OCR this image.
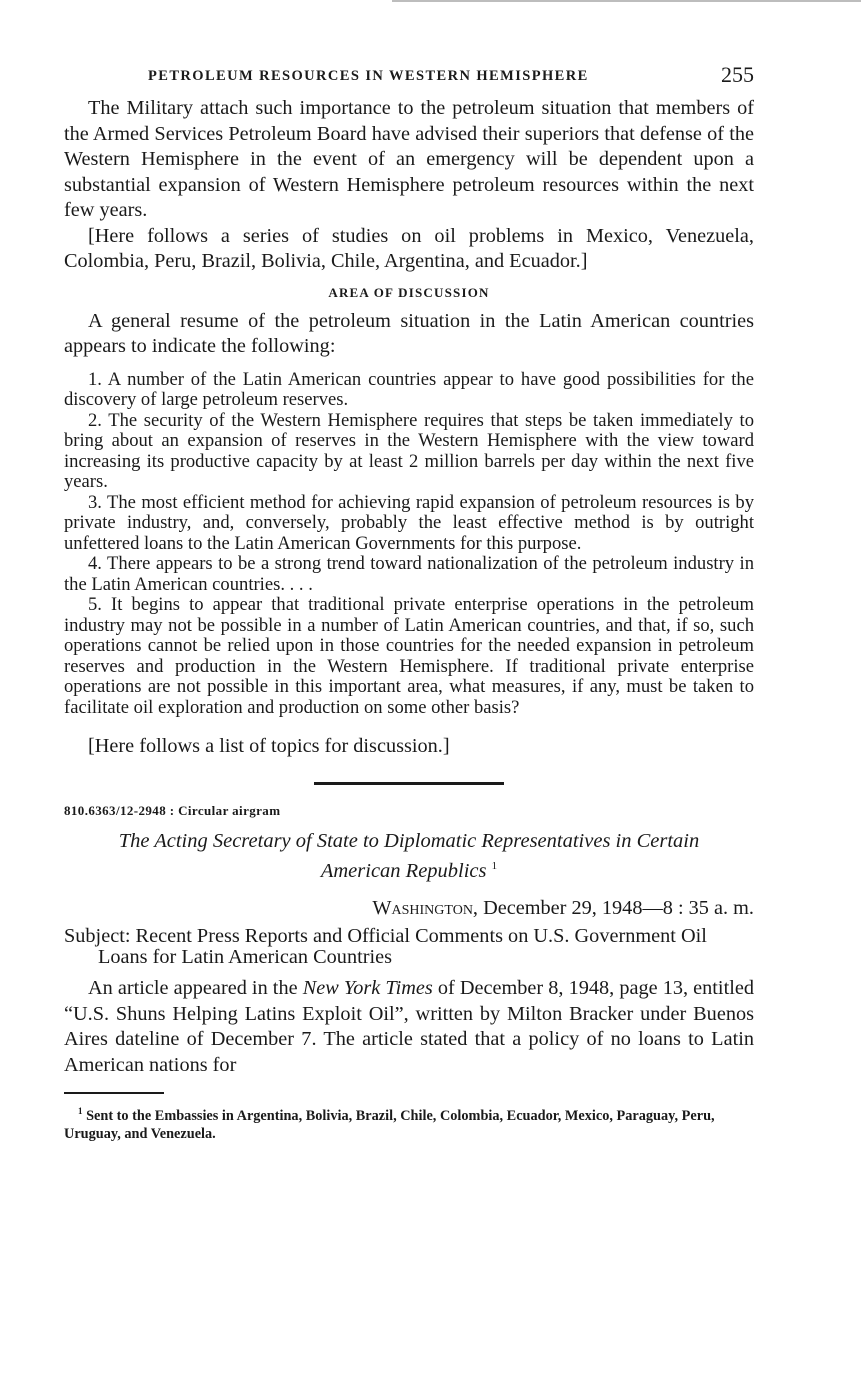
PETROLEUM RESOURCES IN WESTERN HEMISPHERE	255

The Military attach such importance to the petroleum situation that members of the Armed Services Petroleum Board have advised their superiors that defense of the Western Hemisphere in the event of an emergency will be dependent upon a substantial expansion of Western Hemisphere petroleum resources within the next few years.

[Here follows a series of studies on oil problems in Mexico, Venezuela, Colombia, Peru, Brazil, Bolivia, Chile, Argentina, and Ecuador.]

AREA OF DISCUSSION

A general resume of the petroleum situation in the Latin American countries appears to indicate the following:

1. A number of the Latin American countries appear to have good possibilities for the discovery of large petroleum reserves.

2. The security of the Western Hemisphere requires that steps be taken immediately to bring about an expansion of reserves in the Western Hemisphere with the view toward increasing its productive capacity by at least 2 million barrels per day within the next five years.

3. The most efficient method for achieving rapid expansion of petroleum resources is by private industry, and, conversely, probably the least effective method is by outright unfettered loans to the Latin American Governments for this purpose.

4. There appears to be a strong trend toward nationalization of the petroleum industry in the Latin American countries. . . .

5. It begins to appear that traditional private enterprise operations in the petroleum industry may not be possible in a number of Latin American countries, and that, if so, such operations cannot be relied upon in those countries for the needed expansion in petroleum reserves and production in the Western Hemisphere. If traditional private enterprise operations are not possible in this important area, what measures, if any, must be taken to facilitate oil exploration and production on some other basis?

[Here follows a list of topics for discussion.]

810.6363/12-2948 : Circular airgram
The Acting Secretary of State to Diplomatic Representatives in Certain American Republics $^1$
Washington, December 29, 1948—8 : 35 a. m.

Subject: Recent Press Reports and Official Comments on U.S. Government Oil Loans for Latin American Countries

An article appeared in the New York Times of December 8, 1948, page 13, entitled “U.S. Shuns Helping Latins Exploit Oil”, written by Milton Bracker under Buenos Aires dateline of December 7. The article stated that a policy of no loans to Latin American nations for

$^1$ Sent to the Embassies in Argentina, Bolivia, Brazil, Chile, Colombia, Ecuador, Mexico, Paraguay, Peru, Uruguay, and Venezuela.
